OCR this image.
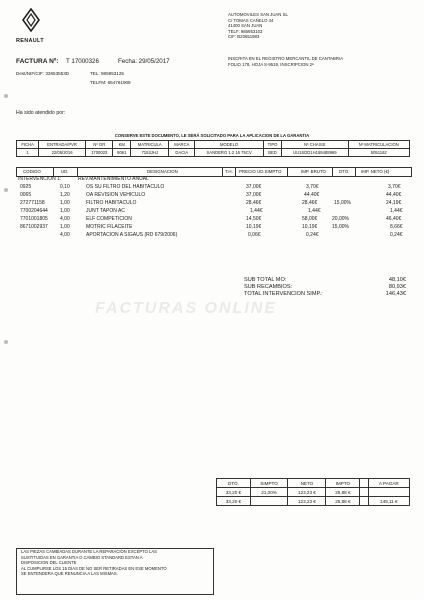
RENAULT
AUTOMOVILES SAN JUAN SL
C/ TOMAS CAÑELO 44
41400 SAN JUAN
TELF: 985953103
CIF: B20651983
INSCRITA EN EL REGISTRO MERCANTIL DE CANTABRIA
FOLIO 178, HOJA S-9519, INSCRIPCION 2ª
FACTURA Nº: T 17000326	Fecha: 29/05/2017
Dest/NIF/CIF: 33653553D	TEL: 985953125
TELFM: 654761909
Ha sido atendido por:
CONSERVE ESTE DOCUMENTO, LE SERÁ SOLICITADO PARA LA APLICACION DE LA GARANTIA
FICHA	ENTRADA/PVR	Nº OR	KM	MATRICULA	MARCA	MODELO	TIPO	Nº CHASIS	Nº MATRICULACION
1	22/05/2016	1700023	8061	7153JHJ	DACIA	SANDERO 1.2 16 75CV	BED	UU1SDD1H159488969	5051162
CODIGO	UD.	DESIGNACION	T.H. PRECIO UD.SIMPTO	IMP. BRUTO	DTO.	IMP. NETO (€)
INTERVENCION 1:	REV.MANTENIMIENTO ANUAL
0925	0,10	OS SU FILTRO DEL HABITACULO	37,00€	3,70€	3,70€
0065	1,20	OA REVISION VEHICULO	37,00€	44,40€	44,40€
272771158	1,00	FILTRO HABITACULO	28,46€	28,46€	15,00%	24,19€
7700204644 1,00	JUNT TAPON AC	1,44€	1,44€	1,44€
7701001805 4,00	ELF COMPETICION	14,50€	58,00€	20,00%	46,40€
8671002937 1,00	MOTRIC FILACEITE	10,19€	10,19€	15,00%	8,66€
4,00	APORTACION A SIGAUS (RD 679/2006)	0,06€	0,24€	0,24€
SUB TOTAL MO:	48,10€
SUB RECAMBIOS:	80,93€
TOTAL INTERVENCION SIMP.:	146,43€
FACTURAS ONLINE
LAS PIEZAS CAMBIADAS DURANTE LA REPARACION EXCEPTO LAS
SUSTITUIDAS EN GARANTIA O CAMBIO STANDARD ESTAN A
DISPOSICION DEL CLIENTE
AL CUMPLIRSE LOS 15 DIAS DE NO SER RETIRADAS EN ESE MOMENTO
SE ENTENDERA QUE RENUNCIA A LAS MISMAS.
DTO.	SIMPTO	NETO	IMPTO		A PAGAR
33,20 €	21,00%	123,23 €	25,88 €		
33,20 €		123,23 €	25,88 €		149,11 €
